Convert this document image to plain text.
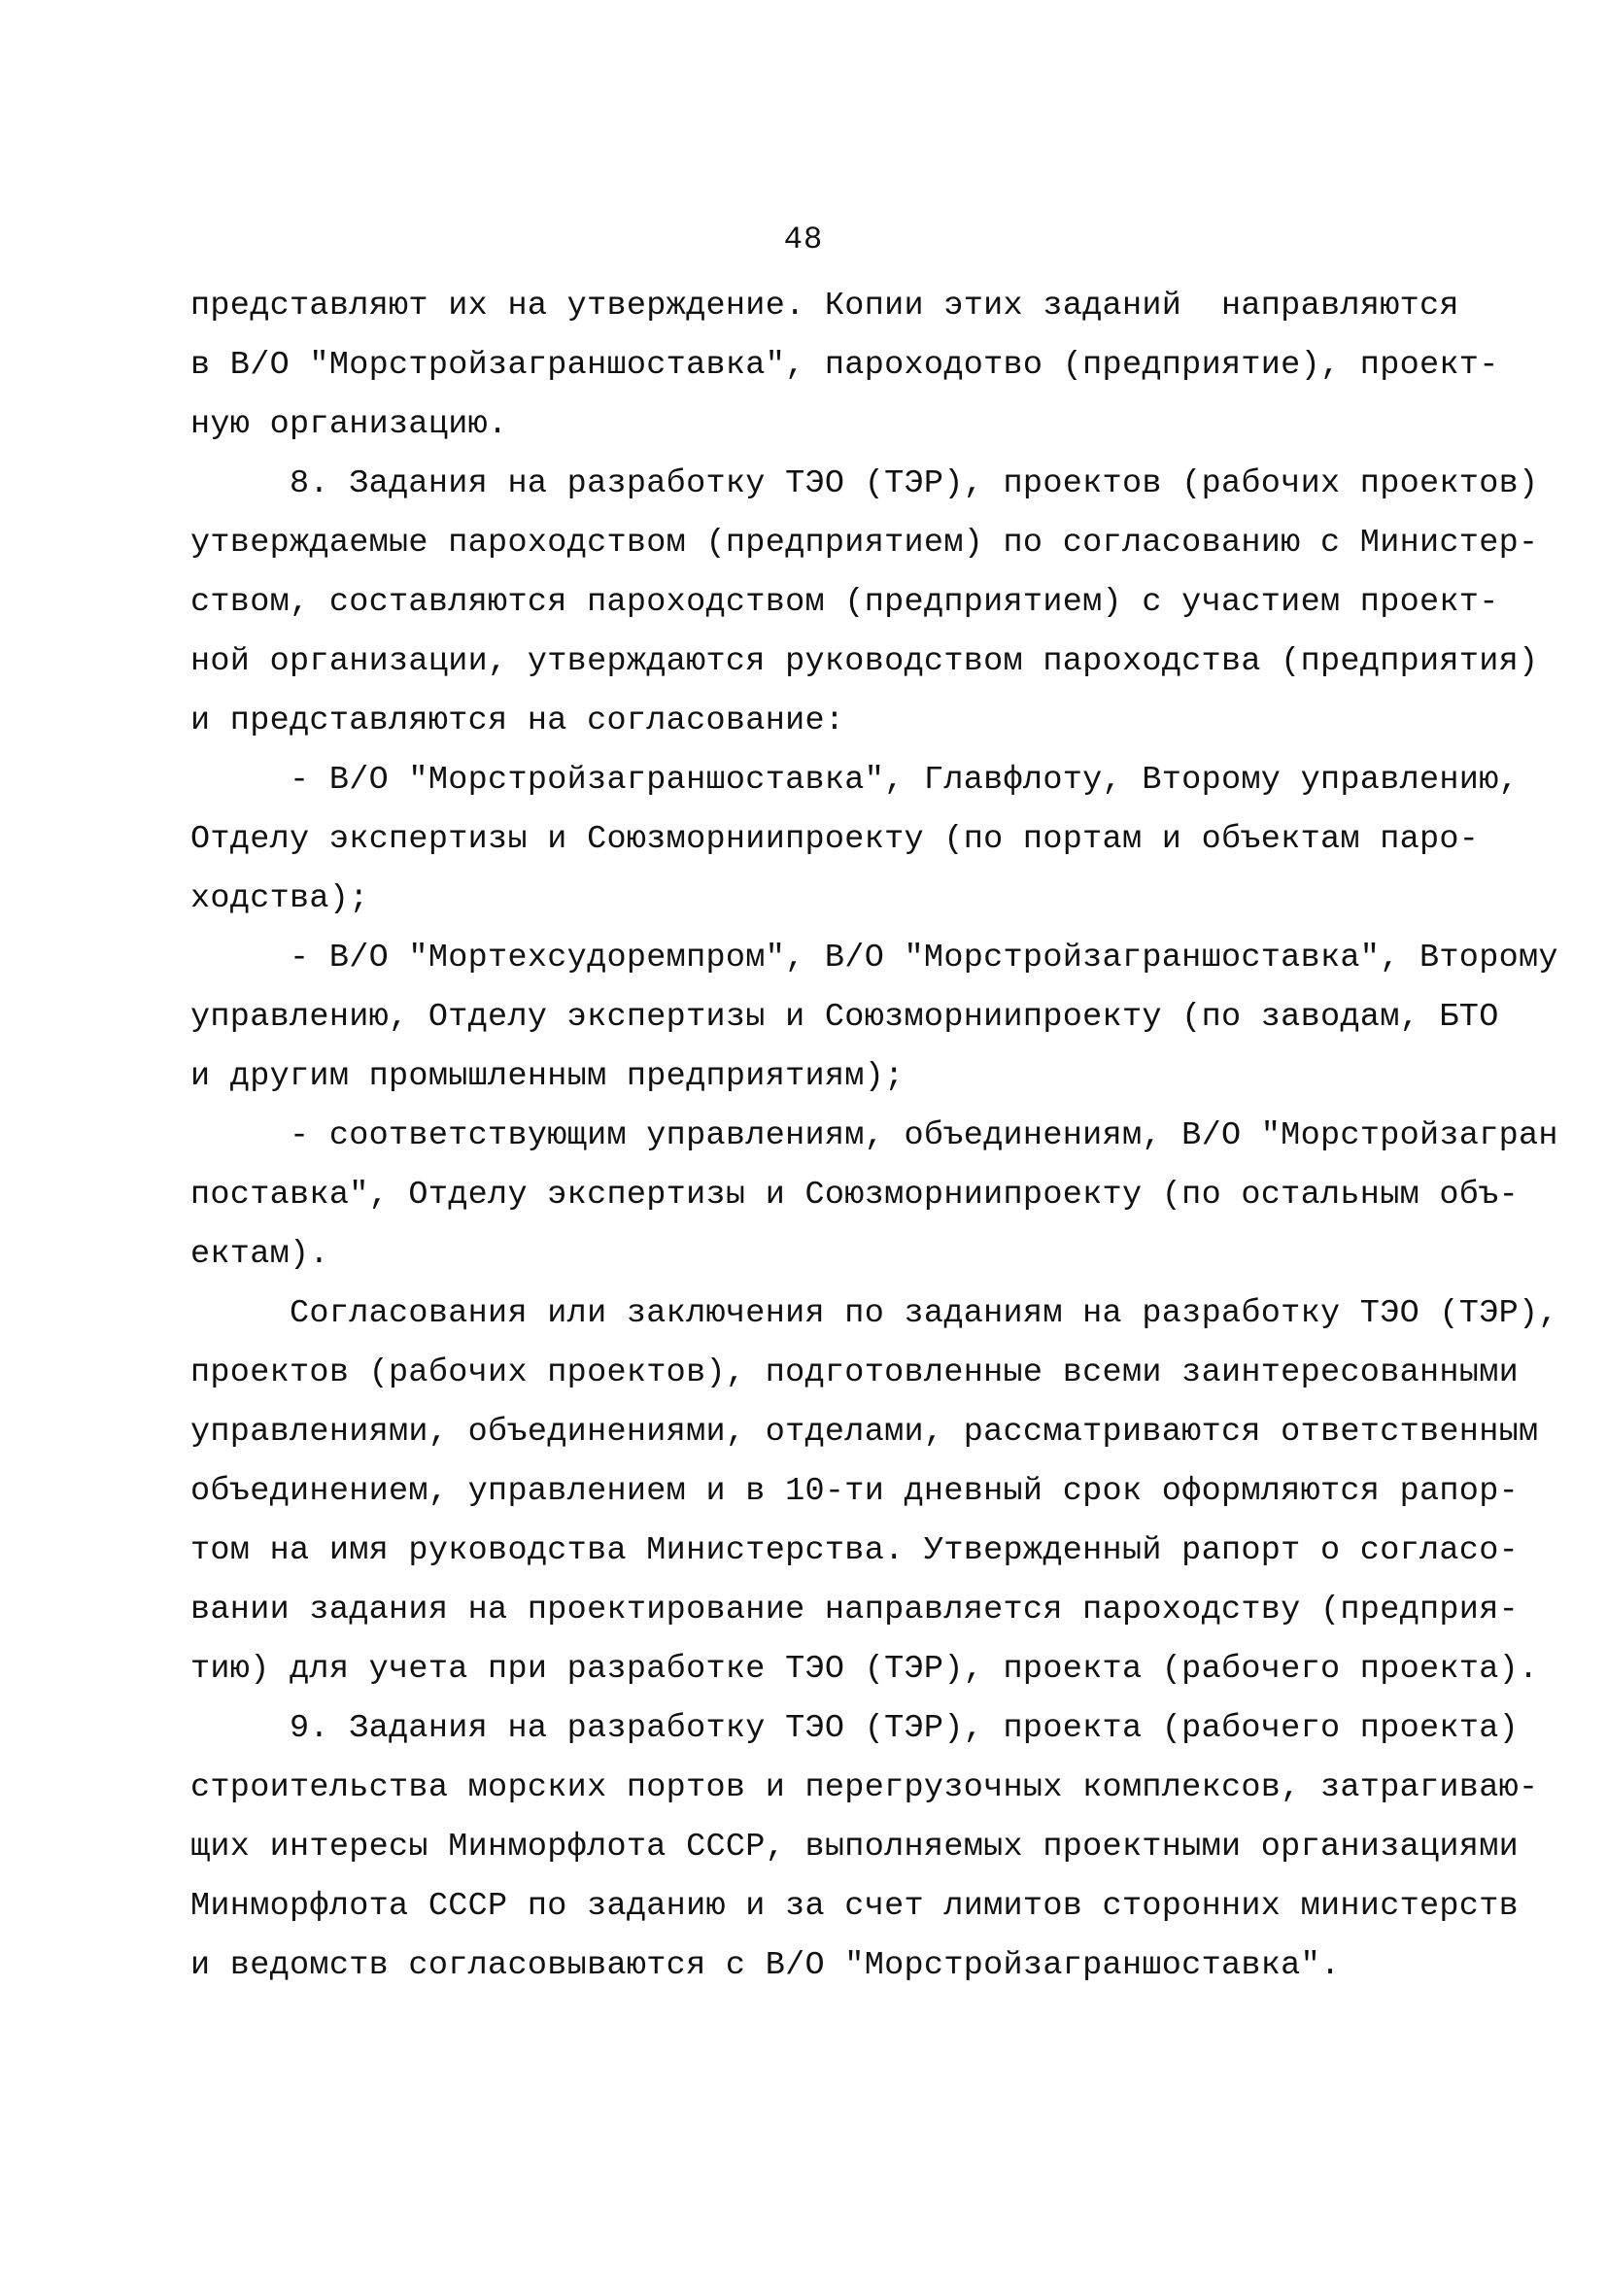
48
представляют их на утверждение. Копии этих заданий  направляются
в В/О "Морстройзаграншоставка", пароходотво (предприятие), проект-
ную организацию.
8. Задания на разработку ТЭО (ТЭР), проектов (рабочих проектов)
утверждаемые пароходством (предприятием) по согласованию с Министер-
ством, составляются пароходством (предприятием) с участием проект-
ной организации, утверждаются руководством пароходства (предприятия)
и представляются на согласование:
- В/О "Морстройзаграншоставка", Главфлоту, Второму управлению,
Отделу экспертизы и Союзморниипроекту (по портам и объектам паро-
ходства);
- В/О "Мортехсудоремпром", В/О "Морстройзаграншоставка", Второму
управлению, Отделу экспертизы и Союзморниипроекту (по заводам, БТО
и другим промышленным предприятиям);
- соответствующим управлениям, объединениям, В/О "Морстройзагран
поставка", Отделу экспертизы и Союзморниипроекту (по остальным объ-
ектам).
Согласования или заключения по заданиям на разработку ТЭО (ТЭР),
проектов (рабочих проектов), подготовленные всеми заинтересованными
управлениями, объединениями, отделами, рассматриваются ответственным
объединением, управлением и в 10-ти дневный срок оформляются рапор-
том на имя руководства Министерства. Утвержденный рапорт о согласо-
вании задания на проектирование направляется пароходству (предприя-
тию) для учета при разработке ТЭО (ТЭР), проекта (рабочего проекта).
9. Задания на разработку ТЭО (ТЭР), проекта (рабочего проекта)
строительства морских портов и перегрузочных комплексов, затрагиваю-
щих интересы Минморфлота СССР, выполняемых проектными организациями
Минморфлота СССР по заданию и за счет лимитов сторонних министерств
и ведомств согласовываются с В/О "Морстройзаграншоставка".
